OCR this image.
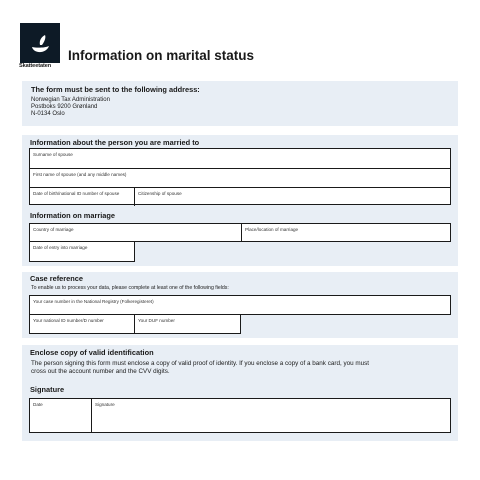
Skatteetaten
Information on marital status
The form must be sent to the following address:
Norwegian Tax Administration
Postboks 9200 Grønland
N-0134 Oslo
Information about the person you are married to
Surname of spouse
First name of spouse (and any middle names)
Date of birth/national ID number of spouse	Citizenship of spouse
Information on marriage
Country of marriage	Place/location of marriage
Date of entry into marriage
Case reference
To enable us to process your data, please complete at least one of the following fields:
Your case number in the National Registry (Folkeregisteret)
Your national ID number/D number	Your DUF number
Enclose copy of valid identification
The person signing this form must enclose a copy of valid proof of identity. If you enclose a copy of a bank card, you must
cross out the account number and the CVV digits.
Signature
Date	Signature
